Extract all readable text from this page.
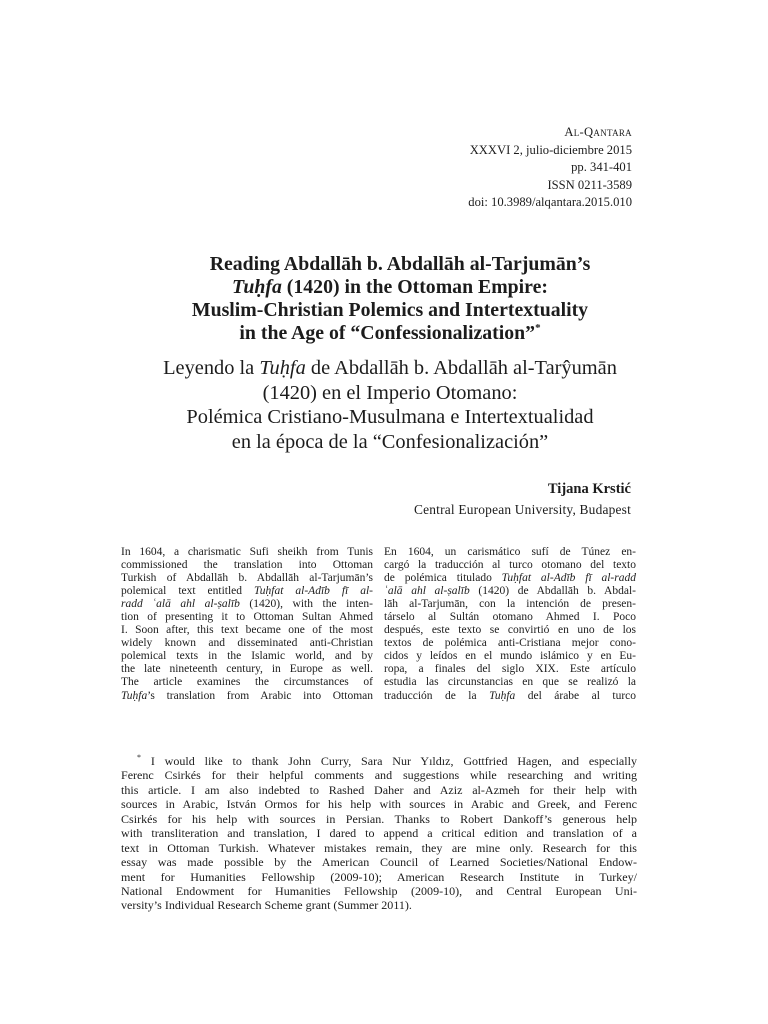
Al-Qantara
XXXVI 2, julio-diciembre 2015
pp. 341-401
ISSN 0211-3589
doi: 10.3989/alqantara.2015.010
Reading Abdallāh b. Abdallāh al-Tarjumān’s
Tuḥfa (1420) in the Ottoman Empire:
Muslim-Christian Polemics and Intertextuality
in the Age of “Confessionalization”*
Leyendo la Tuḥfa de Abdallāh b. Abdallāh al-Tarŷumān
(1420) en el Imperio Otomano:
Polémica Cristiano-Musulmana e Intertextualidad
en la época de la “Confesionalización”
Tijana Krstić
Central European University, Budapest
In 1604, a charismatic Sufi sheikh from Tunis
commissioned the translation into Ottoman
Turkish of Abdallāh b. Abdallāh al-Tarjumān’s
polemical text entitled Tuḥfat al-Adīb fī al-
radd ʿalā ahl al-ṣalīb (1420), with the inten-
tion of presenting it to Ottoman Sultan Ahmed
I. Soon after, this text became one of the most
widely known and disseminated anti-Christian
polemical texts in the Islamic world, and by
the late nineteenth century, in Europe as well.
The article examines the circumstances of
Tuḥfa’s translation from Arabic into Ottoman
En 1604, un carismático sufí de Túnez en-
cargó la traducción al turco otomano del texto
de polémica titulado Tuḥfat al-Adīb fī al-radd
ʿalā ahl al-ṣalīb (1420) de Abdallāh b. Abdal-
lāh al-Tarjumān, con la intención de presen-
társelo al Sultán otomano Ahmed I. Poco
después, este texto se convirtió en uno de los
textos de polémica anti-Cristiana mejor cono-
cidos y leídos en el mundo islámico y en Eu-
ropa, a finales del siglo XIX. Este artículo
estudia las circunstancias en que se realizó la
traducción de la Tuḥfa del árabe al turco
* I would like to thank John Curry, Sara Nur Yıldız, Gottfried Hagen, and especially
Ferenc Csirkés for their helpful comments and suggestions while researching and writing
this article. I am also indebted to Rashed Daher and Aziz al-Azmeh for their help with
sources in Arabic, István Ormos for his help with sources in Arabic and Greek, and Ferenc
Csirkés for his help with sources in Persian. Thanks to Robert Dankoff’s generous help
with transliteration and translation, I dared to append a critical edition and translation of a
text in Ottoman Turkish. Whatever mistakes remain, they are mine only. Research for this
essay was made possible by the American Council of Learned Societies/National Endow-
ment for Humanities Fellowship (2009-10); American Research Institute in Turkey/
National Endowment for Humanities Fellowship (2009-10), and Central European Uni-
versity’s Individual Research Scheme grant (Summer 2011).
